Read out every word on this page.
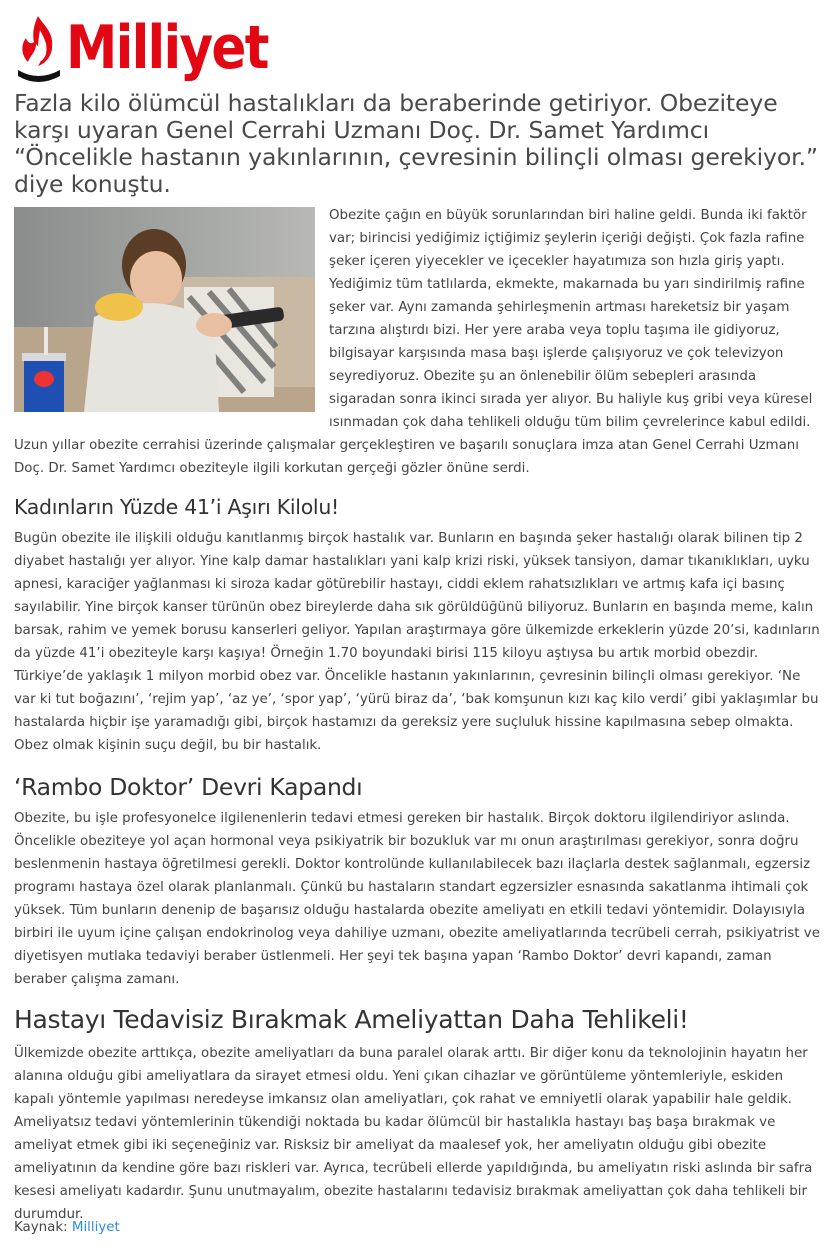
Milliyet
Fazla kilo ölümcül hastalıkları da beraberinde getiriyor. Obeziteye karşı uyaran Genel Cerrahi Uzmanı Doç. Dr. Samet Yardımcı “Öncelikle hastanın yakınlarının, çevresinin bilinçli olması gerekiyor.” diye konuştu.
Obezite çağın en büyük sorunlarından biri haline geldi. Bunda iki faktör var; birincisi yediğimiz içtiğimiz şeylerin içeriği değişti. Çok fazla rafine şeker içeren yiyecekler ve içecekler hayatımıza son hızla giriş yaptı. Yediğimiz tüm tatlılarda, ekmekte, makarnada bu yarı sindirilmiş rafine şeker var. Aynı zamanda şehirleşmenin artması hareketsiz bir yaşam tarzına alıştırdı bizi. Her yere araba veya toplu taşıma ile gidiyoruz, bilgisayar karşısında masa başı işlerde çalışıyoruz ve çok televizyon seyrediyoruz. Obezite şu an önlenebilir ölüm sebepleri arasında sigaradan sonra ikinci sırada yer alıyor. Bu haliyle kuş gribi veya küresel ısınmadan çok daha tehlikeli olduğu tüm bilim çevrelerince kabul edildi. Uzun yıllar obezite cerrahisi üzerinde çalışmalar gerçekleştiren ve başarılı sonuçlara imza atan Genel Cerrahi Uzmanı Doç. Dr. Samet Yardımcı obeziteyle ilgili korkutan gerçeği gözler önüne serdi.
Kadınların Yüzde 41’i Aşırı Kilolu!

Bugün obezite ile ilişkili olduğu kanıtlanmış birçok hastalık var. Bunların en başında şeker hastalığı olarak bilinen tip 2 diyabet hastalığı yer alıyor. Yine kalp damar hastalıkları yani kalp krizi riski, yüksek tansiyon, damar tıkanıklıkları, uyku apnesi, karaciğer yağlanması ki siroza kadar götürebilir hastayı, ciddi eklem rahatsızlıkları ve artmış kafa içi basınç sayılabilir. Yine birçok kanser türünün obez bireylerde daha sık görüldüğünü biliyoruz. Bunların en başında meme, kalın barsak, rahim ve yemek borusu kanserleri geliyor. Yapılan araştırmaya göre ülkemizde erkeklerin yüzde 20’si, kadınların da yüzde 41’i obeziteyle karşı kaşıya! Örneğin 1.70 boyundaki birisi 115 kiloyu aştıysa bu artık morbid obezdir. Türkiye’de yaklaşık 1 milyon morbid obez var. Öncelikle hastanın yakınlarının, çevresinin bilinçli olması gerekiyor. ‘Ne var ki tut boğazını’, ‘rejim yap’, ‘az ye’, ‘spor yap’, ‘yürü biraz da’, ‘bak komşunun kızı kaç kilo verdi’ gibi yaklaşımlar bu hastalarda hiçbir işe yaramadığı gibi, birçok hastamızı da gereksiz yere suçluluk hissine kapılmasına sebep olmakta. Obez olmak kişinin suçu değil, bu bir hastalık.

‘Rambo Doktor’ Devri Kapandı

Obezite, bu işle profesyonelce ilgilenenlerin tedavi etmesi gereken bir hastalık. Birçok doktoru ilgilendiriyor aslında. Öncelikle obeziteye yol açan hormonal veya psikiyatrik bir bozukluk var mı onun araştırılması gerekiyor, sonra doğru beslenmenin hastaya öğretilmesi gerekli. Doktor kontrolünde kullanılabilecek bazı ilaçlarla destek sağlanmalı, egzersiz programı hastaya özel olarak planlanmalı. Çünkü bu hastaların standart egzersizler esnasında sakatlanma ihtimali çok yüksek. Tüm bunların denenip de başarısız olduğu hastalarda obezite ameliyatı en etkili tedavi yöntemidir. Dolayısıyla birbiri ile uyum içine çalışan endokrinolog veya dahiliye uzmanı, obezite ameliyatlarında tecrübeli cerrah, psikiyatrist ve diyetisyen mutlaka tedaviyi beraber üstlenmeli. Her şeyi tek başına yapan ‘Rambo Doktor’ devri kapandı, zaman beraber çalışma zamanı.

Hastayı Tedavisiz Bırakmak Ameliyattan Daha Tehlikeli!

Ülkemizde obezite arttıkça, obezite ameliyatları da buna paralel olarak arttı. Bir diğer konu da teknolojinin hayatın her alanına olduğu gibi ameliyatlara da sirayet etmesi oldu. Yeni çıkan cihazlar ve görüntüleme yöntemleriyle, eskiden kapalı yöntemle yapılması neredeyse imkansız olan ameliyatları, çok rahat ve emniyetli olarak yapabilir hale geldik. Ameliyatsız tedavi yöntemlerinin tükendiği noktada bu kadar ölümcül bir hastalıkla hastayı baş başa bırakmak ve ameliyat etmek gibi iki seçeneğiniz var. Risksiz bir ameliyat da maalesef yok, her ameliyatın olduğu gibi obezite ameliyatının da kendine göre bazı riskleri var. Ayrıca, tecrübeli ellerde yapıldığında, bu ameliyatın riski aslında bir safra kesesi ameliyatı kadardır. Şunu unutmayalım, obezite hastalarını tedavisiz bırakmak ameliyattan çok daha tehlikeli bir durumdur.

Kaynak: Milliyet
